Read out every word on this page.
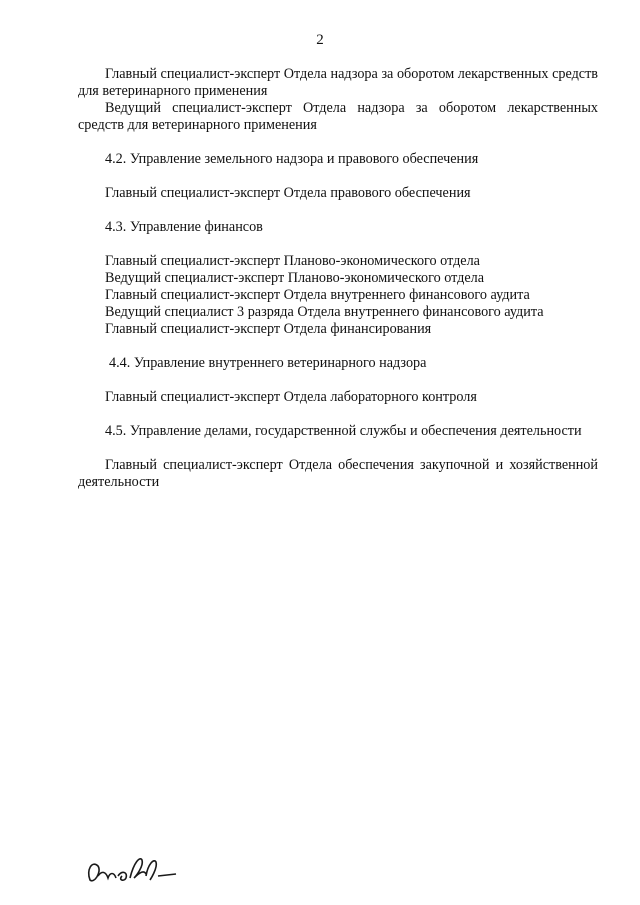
2

Главный специалист-эксперт Отдела надзора за оборотом лекарственных средств для ветеринарного применения

Ведущий специалист-эксперт Отдела надзора за оборотом лекарственных средств для ветеринарного применения

4.2. Управление земельного надзора и правового обеспечения

Главный специалист-эксперт Отдела правового обеспечения

4.3. Управление финансов

Главный специалист-эксперт Планово-экономического отдела

Ведущий специалист-эксперт Планово-экономического отдела

Главный специалист-эксперт Отдела внутреннего финансового аудита

Ведущий специалист 3 разряда Отдела внутреннего финансового аудита

Главный специалист-эксперт Отдела финансирования

4.4. Управление внутреннего ветеринарного надзора

Главный специалист-эксперт Отдела лабораторного контроля

4.5. Управление делами, государственной службы и обеспечения деятельности

Главный специалист-эксперт Отдела обеспечения закупочной и хозяйственной деятельности
